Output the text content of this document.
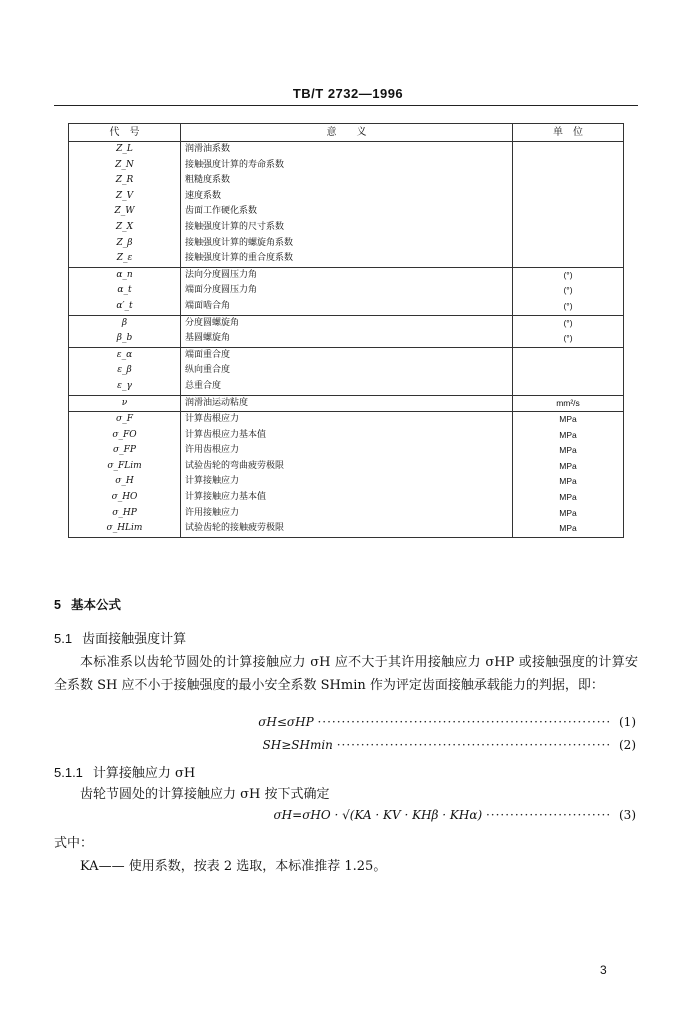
TB/T 2732—1996
代　号	意　　义	单　位
Z_L	润滑油系数	
Z_N	接触强度计算的寿命系数	
Z_R	粗糙度系数	
Z_V	速度系数	
Z_W	齿面工作硬化系数	
Z_X	接触强度计算的尺寸系数	
Z_β	接触强度计算的螺旋角系数	
Z_ε	接触强度计算的重合度系数	
α_n	法向分度圆压力角	(°)
α_t	端面分度圆压力角	(°)
α′_t	端面啮合角	(°)
β	分度圆螺旋角	(°)
β_b	基圆螺旋角	(°)
ε_α	端面重合度	
ε_β	纵向重合度	
ε_γ	总重合度	
ν	润滑油运动粘度	mm²/s
σ_F	计算齿根应力	MPa
σ_FO	计算齿根应力基本值	MPa
σ_FP	许用齿根应力	MPa
σ_FLim	试验齿轮的弯曲疲劳极限	MPa
σ_H	计算接触应力	MPa
σ_HO	计算接触应力基本值	MPa
σ_HP	许用接触应力	MPa
σ_HLim	试验齿轮的接触疲劳极限	MPa
5 基本公式
5.1 齿面接触强度计算
本标准系以齿轮节圆处的计算接触应力 σH 应不大于其许用接触应力 σHP 或接触强度的计算安全系数 SH 应不小于接触强度的最小安全系数 SHmin 作为评定齿面接触承载能力的判据，即：
σH≤σHP ····························································· (1)
SH≥SHmin ························································· (2)
5.1.1 计算接触应力 σH
齿轮节圆处的计算接触应力 σH 按下式确定
σH=σHO · √(KA · KV · KHβ · KHα) ·························· (3)
式中：
KA—— 使用系数，按表 2 选取，本标准推荐 1.25。
3
